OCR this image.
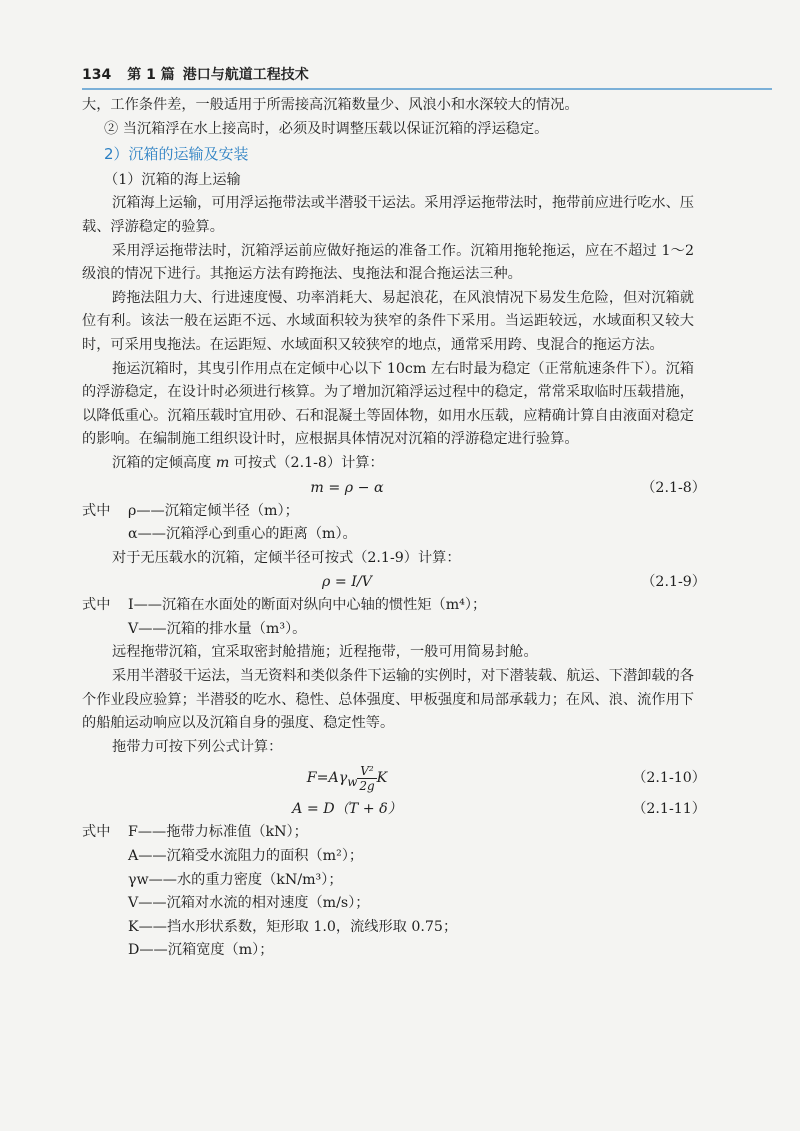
134 第 1 篇 港口与航道工程技术

大，工作条件差，一般适用于所需接高沉箱数量少、风浪小和水深较大的情况。

② 当沉箱浮在水上接高时，必须及时调整压载以保证沉箱的浮运稳定。

2）沉箱的运输及安装

（1）沉箱的海上运输

沉箱海上运输，可用浮运拖带法或半潜驳干运法。采用浮运拖带法时，拖带前应进行吃水、压载、浮游稳定的验算。

采用浮运拖带法时，沉箱浮运前应做好拖运的准备工作。沉箱用拖轮拖运，应在不超过 1～2 级浪的情况下进行。其拖运方法有跨拖法、曳拖法和混合拖运法三种。

跨拖法阻力大、行进速度慢、功率消耗大、易起浪花，在风浪情况下易发生危险，但对沉箱就位有利。该法一般在运距不远、水域面积较为狭窄的条件下采用。当运距较远，水域面积又较大时，可采用曳拖法。在运距短、水域面积又较狭窄的地点，通常采用跨、曳混合的拖运方法。

拖运沉箱时，其曳引作用点在定倾中心以下 10cm 左右时最为稳定（正常航速条件下）。沉箱的浮游稳定，在设计时必须进行核算。为了增加沉箱浮运过程中的稳定，常常采取临时压载措施，以降低重心。沉箱压载时宜用砂、石和混凝土等固体物，如用水压载，应精确计算自由液面对稳定的影响。在编制施工组织设计时，应根据具体情况对沉箱的浮游稳定进行验算。

沉箱的定倾高度 m 可按式（2.1-8）计算：

m = ρ − α	（2.1-8）
式中	ρ——沉箱定倾半径（m）；
α——沉箱浮心到重心的距离（m）。

对于无压载水的沉箱，定倾半径可按式（2.1-9）计算：

ρ = I/V	（2.1-9）
式中	I——沉箱在水面处的断面对纵向中心轴的惯性矩（m⁴）；
V——沉箱的排水量（m³）。

远程拖带沉箱，宜采取密封舱措施；近程拖带，一般可用简易封舱。

采用半潜驳干运法，当无资料和类似条件下运输的实例时，对下潜装载、航运、下潜卸载的各个作业段应验算；半潜驳的吃水、稳性、总体强度、甲板强度和局部承载力；在风、浪、流作用下的船舶运动响应以及沉箱自身的强度、稳定性等。

拖带力可按下列公式计算：

$F=A\gamma_w \frac{\text{V²}}{2g}$ K	（2.1-10）
A = D（T + δ）	（2.1-11）
式中	F——拖带力标准值（kN）；
A——沉箱受水流阻力的面积（m²）；
γw——水的重力密度（kN/m³）；
V——沉箱对水流的相对速度（m/s）；
K——挡水形状系数，矩形取 1.0，流线形取 0.75；
D——沉箱宽度（m）；
